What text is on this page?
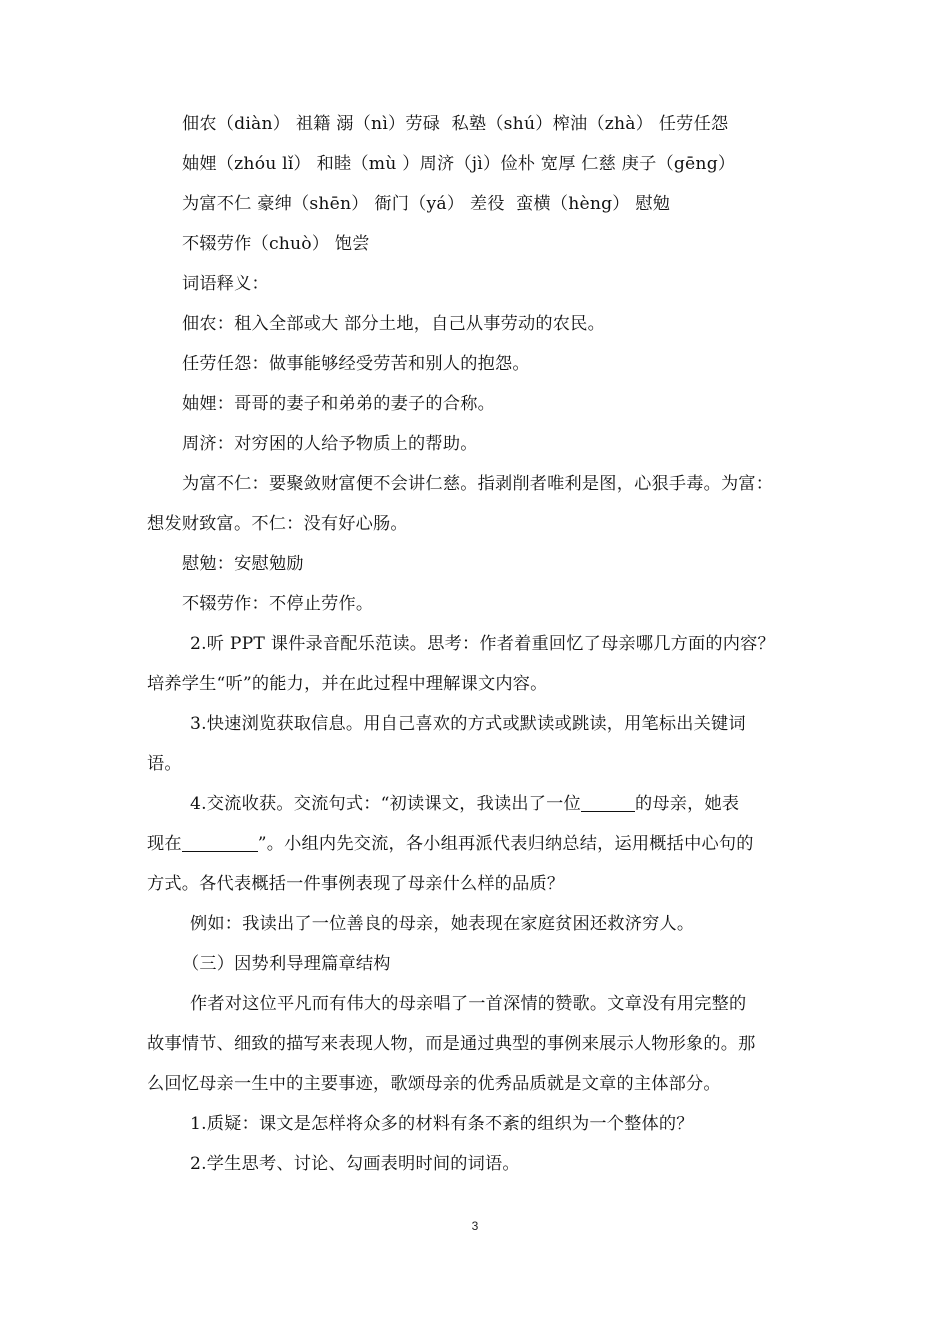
佃农（diàn） 祖籍 溺（nì）劳碌  私塾（shú）榨油（zhà） 任劳任怨
妯娌（zhóu lǐ） 和睦（mù ）周济（jì）俭朴 宽厚 仁慈 庚子（gēng）
为富不仁 豪绅（shēn） 衙门（yá） 差役  蛮横（hèng） 慰勉
不辍劳作（chuò） 饱尝
词语释义：
佃农：租入全部或大 部分土地，自己从事劳动的农民。
任劳任怨：做事能够经受劳苦和别人的抱怨。
妯娌：哥哥的妻子和弟弟的妻子的合称。
周济：对穷困的人给予物质上的帮助。
为富不仁：要聚敛财富便不会讲仁慈。指剥削者唯利是图，心狠手毒。为富：
想发财致富。不仁：没有好心肠。
慰勉：安慰勉励
不辍劳作：不停止劳作。
2.听 PPT 课件录音配乐范读。思考：作者着重回忆了母亲哪几方面的内容？
培养学生“听”的能力，并在此过程中理解课文内容。
3.快速浏览获取信息。用自己喜欢的方式或默读或跳读，用笔标出关键词
语。
4.交流收获。交流句式：“初读课文，我读出了一位	的母亲，她表
现在	”。小组内先交流，各小组再派代表归纳总结，运用概括中心句的
方式。各代表概括一件事例表现了母亲什么样的品质？
例如：我读出了一位善良的母亲，她表现在家庭贫困还救济穷人。
（三）因势利导理篇章结构
作者对这位平凡而有伟大的母亲唱了一首深情的赞歌。文章没有用完整的
故事情节、细致的描写来表现人物，而是通过典型的事例来展示人物形象的。那
么回忆母亲一生中的主要事迹，歌颂母亲的优秀品质就是文章的主体部分。
1.质疑：课文是怎样将众多的材料有条不紊的组织为一个整体的？
2.学生思考、讨论、勾画表明时间的词语。
3
